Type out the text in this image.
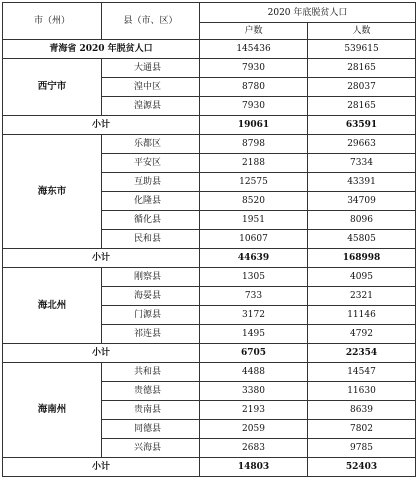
市（州）	县（市、区）	2020 年底脱贫人口	
		户数	人数
青海省 2020 年脱贫人口		145436	539615
西宁市	大通县	7930	28165
	湟中区	8780	28037
	湟源县	7930	28165
小计		19061	63591
海东市	乐都区	8798	29663
	平安区	2188	7334
	互助县	12575	43391
	化隆县	8520	34709
	循化县	1951	8096
	民和县	10607	45805
小计		44639	168998
海北州	刚察县	1305	4095
	海晏县	733	2321
	门源县	3172	11146
	祁连县	1495	4792
小计		6705	22354
海南州	共和县	4488	14547
	贵德县	3380	11630
	贵南县	2193	8639
	同德县	2059	7802
	兴海县	2683	9785
小计		14803	52403
